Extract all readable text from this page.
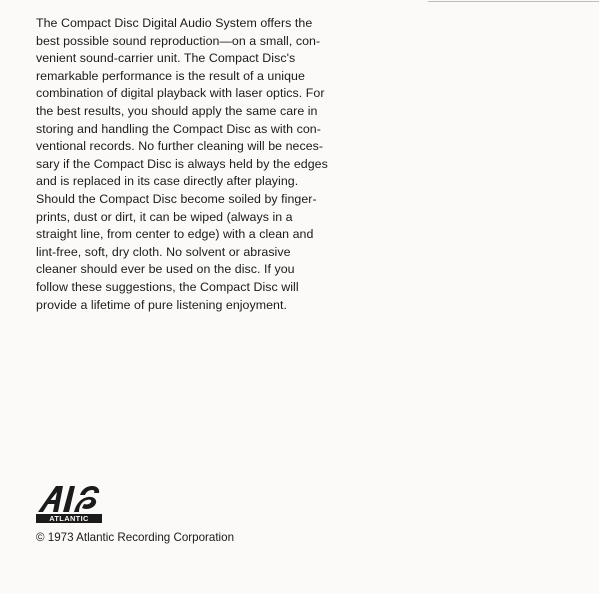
The Compact Disc Digital Audio System offers the
best possible sound reproduction—on a small, con-
venient sound-carrier unit. The Compact Disc's
remarkable performance is the result of a unique
combination of digital playback with laser optics. For
the best results, you should apply the same care in
storing and handling the Compact Disc as with con-
ventional records. No further cleaning will be neces-
sary if the Compact Disc is always held by the edges
and is replaced in its case directly after playing.
Should the Compact Disc become soiled by finger-
prints, dust or dirt, it can be wiped (always in a
straight line, from center to edge) with a clean and
lint-free, soft, dry cloth. No solvent or abrasive
cleaner should ever be used on the disc. If you
follow these suggestions, the Compact Disc will
provide a lifetime of pure listening enjoyment.
ATLANTIC
© 1973 Atlantic Recording Corporation
